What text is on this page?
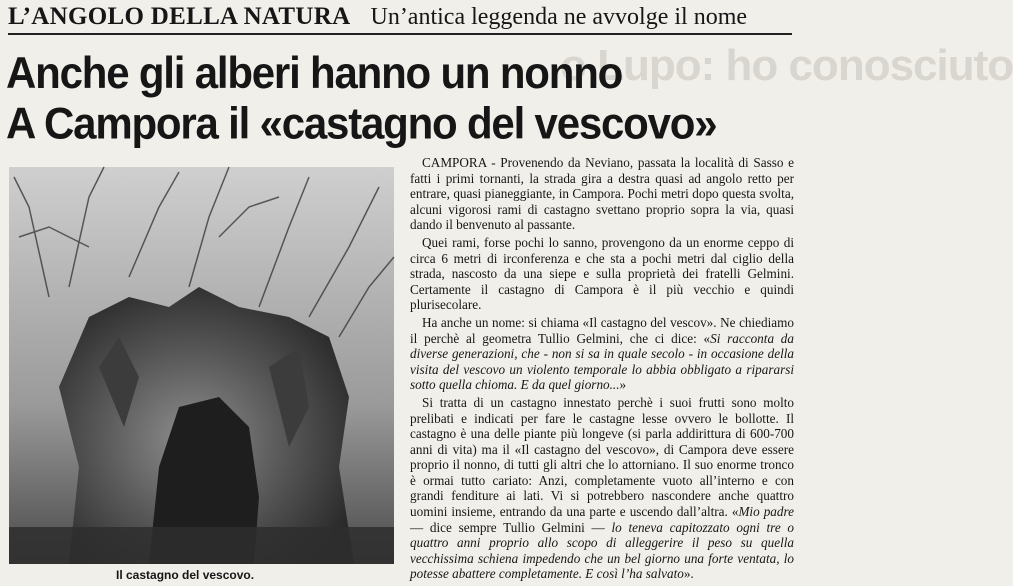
o Lupo: ho conosciuto
L’ANGOLO DELLA NATURA Un’antica leggenda ne avvolge il nome
Anche gli alberi hanno un nonno
A Campora il «castagno del vescovo»
Il castagno del vescovo.

CAMPORA - Provenendo da Neviano, passata la località di Sasso e fatti i primi tornanti, la strada gira a destra quasi ad angolo retto per entrare, quasi pianeggiante, in Campora. Pochi metri dopo questa svolta, alcuni vigorosi rami di castagno svettano proprio sopra la via, quasi dando il benvenuto al passante.

Quei rami, forse pochi lo sanno, provengono da un enorme ceppo di circa 6 metri di irconferenza e che sta a pochi metri dal ciglio della strada, nascosto da una siepe e sulla proprietà dei fratelli Gelmini. Certamente il castagno di Campora è il più vecchio e quindi plurisecolare.

Ha anche un nome: si chiama «Il castagno del vescov». Ne chiediamo il perchè al geometra Tullio Gelmini, che ci dice: «Si racconta da diverse generazioni, che - non si sa in quale secolo - in occasione della visita del vescovo un violento temporale lo abbia obbligato a ripararsi sotto quella chioma. E da quel giorno...»

Si tratta di un castagno innestato perchè i suoi frutti sono molto prelibati e indicati per fare le castagne lesse ovvero le bollotte. Il castagno è una delle piante più longeve (si parla addirittura di 600-700 anni di vita) ma il «Il castagno del vescovo», di Campora deve essere proprio il nonno, di tutti gli altri che lo attorniano. Il suo enorme tronco è ormai tutto cariato: Anzi, completamente vuoto all’interno e con grandi fenditure ai lati. Vi si potrebbero nascondere anche quattro uomini insieme, entrando da una parte e uscendo dall’altra. «Mio padre — dice sempre Tullio Gelmini — lo teneva capitozzato ogni tre o quattro anni proprio allo scopo di alleggerire il peso su quella vecchissima schiena impedendo che un bel giorno una forte ventata, lo potesse abattere completamente. E così l’ha salvato».
